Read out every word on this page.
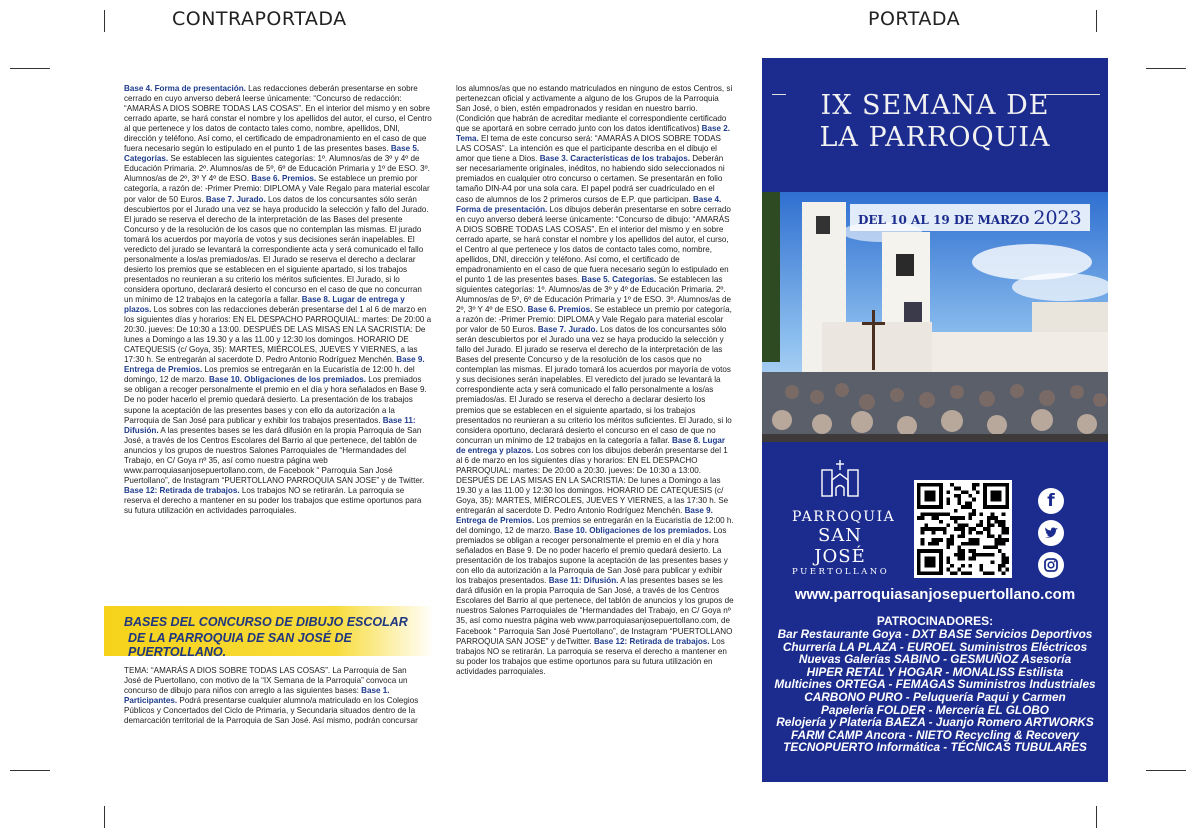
CONTRAPORTADA	PORTADA

Base 4. Forma de presentación. Las redacciones deberán presentarse en sobre cerrado en cuyo anverso deberá leerse únicamente: “Concurso de redacción: “AMARÁS A DIOS SOBRE TODAS LAS COSAS”. En el interior del mismo y en sobre cerrado aparte, se hará constar el nombre y los apellidos del autor, el curso, el Centro al que pertenece y los datos de contacto tales como, nombre, apellidos, DNI, dirección y teléfono. Así como, el certificado de empadronamiento en el caso de que fuera necesario según lo estipulado en el punto 1 de las presentes bases. Base 5. Categorías. Se establecen las siguientes categorías: 1º. Alumnos/as de 3º y 4º de Educación Primaria. 2º. Alumnos/as de 5º, 6º de Educación Primaria y 1º de ESO. 3º. Alumnos/as de 2º, 3º Y 4º de ESO. Base 6. Premios. Se establece un premio por categoría, a razón de: -Primer Premio: DIPLOMA y Vale Regalo para material escolar por valor de 50 Euros. Base 7. Jurado. Los datos de los concursantes sólo serán descubiertos por el Jurado una vez se haya producido la selección y fallo del Jurado. El jurado se reserva el derecho de la interpretación de las Bases del presente Concurso y de la resolución de los casos que no contemplan las mismas. El jurado tomará los acuerdos por mayoría de votos y sus decisiones serán inapelables. El veredicto del jurado se levantará la correspondiente acta y será comunicado el fallo personalmente a los/as premiados/as. El Jurado se reserva el derecho a declarar desierto los premios que se establecen en el siguiente apartado, si los trabajos presentados no reunieran a su criterio los méritos suficientes. El Jurado, si lo considera oportuno, declarará desierto el concurso en el caso de que no concurran un mínimo de 12 trabajos en la categoría a fallar. Base 8. Lugar de entrega y plazos. Los sobres con las redacciones deberán presentarse del 1 al 6 de marzo en los siguientes días y horarios: EN EL DESPACHO PARROQUIAL: martes: De 20:00 a 20:30. jueves: De 10:30 a 13:00. DESPUÉS DE LAS MISAS EN LA SACRISTIA: De lunes a Domingo a las 19.30 y a las 11.00 y 12:30 los domingos. HORARIO DE CATEQUESIS (c/ Goya, 35): MARTES, MIÉRCOLES, JUEVES Y VIERNES, a las 17:30 h. Se entregarán al sacerdote D. Pedro Antonio Rodríguez Menchén. Base 9. Entrega de Premios. Los premios se entregarán en la Eucaristía de 12:00 h. del domingo, 12 de marzo. Base 10. Obligaciones de los premiados. Los premiados se obligan a recoger personalmente el premio en el día y hora señalados en Base 9. De no poder hacerlo el premio quedará desierto. La presentación de los trabajos supone la aceptación de las presentes bases y con ello da autorización a la Parroquia de San José para publicar y exhibir los trabajos presentados. Base 11: Difusión. A las presentes bases se les dará difusión en la propia Parroquia de San José, a través de los Centros Escolares del Barrio al que pertenece, del tablón de anuncios y los grupos de nuestros Salones Parroquiales de “Hermandades del Trabajo, en C/ Goya nº 35, así como nuestra página web www.parroquiasanjosepuertollano.com, de Facebook “ Parroquia San José Puertollano”, de Instagram “PUERTOLLANO PARROQUIA SAN JOSE” y de Twitter. Base 12: Retirada de trabajos. Los trabajos NO se retirarán. La parroquia se reserva el derecho a mantener en su poder los trabajos que estime oportunos para su futura utilización en actividades parroquiales.

BASES DEL CONCURSO DE DIBUJO ESCOLAR
DE LA PARROQUIA DE SAN JOSÉ DE PUERTOLLANO.

TEMA: “AMARÁS A DIOS SOBRE TODAS LAS COSAS”. La Parroquia de San José de Puertollano, con motivo de la “IX Semana de la Parroquia” convoca un concurso de dibujo para niños con arreglo a las siguientes bases: Base 1. Participantes. Podrá presentarse cualquier alumno/a matriculado en los Colegios Públicos y Concertados del Ciclo de Primaria, y Secundaria situados dentro de la demarcación territorial de la Parroquia de San José. Así mismo, podrán concursar

los alumnos/as que no estando matriculados en ninguno de estos Centros, si pertenezcan oficial y activamente a alguno de los Grupos de la Parroquia San José, o bien, estén empadronados y residan en nuestro barrio. (Condición que habrán de acreditar mediante el correspondiente certificado que se aportará en sobre cerrado junto con los datos identificativos) Base 2. Tema. El tema de este concurso será: “AMARÁS A DIOS SOBRE TODAS LAS COSAS”. La intención es que el participante describa en el dibujo el amor que tiene a Dios. Base 3. Características de los trabajos. Deberán ser necesariamente originales, inéditos, no habiendo sido seleccionados ni premiados en cualquier otro concurso o certamen. Se presentarán en folio tamaño DIN-A4 por una sola cara. El papel podrá ser cuadriculado en el caso de alumnos de los 2 primeros cursos de E.P. que participan. Base 4. Forma de presentación. Los dibujos deberán presentarse en sobre cerrado en cuyo anverso deberá leerse únicamente: “Concurso de dibujo: “AMARÁS A DIOS SOBRE TODAS LAS COSAS”. En el interior del mismo y en sobre cerrado aparte, se hará constar el nombre y los apellidos del autor, el curso, el Centro al que pertenece y los datos de contacto tales como, nombre, apellidos, DNI, dirección y teléfono. Así como, el certificado de empadronamiento en el caso de que fuera necesario según lo estipulado en el punto 1 de las presentes bases. Base 5. Categorías. Se establecen las siguientes categorías: 1º. Alumnos/as de 3º y 4º de Educación Primaria. 2º. Alumnos/as de 5º, 6º de Educación Primaria y 1º de ESO. 3º. Alumnos/as de 2º, 3º Y 4º de ESO. Base 6. Premios. Se establece un premio por categoría, a razón de: -Primer Premio: DIPLOMA y Vale Regalo para material escolar por valor de 50 Euros. Base 7. Jurado. Los datos de los concursantes sólo serán descubiertos por el Jurado una vez se haya producido la selección y fallo del Jurado. El jurado se reserva el derecho de la interpretación de las Bases del presente Concurso y de la resolución de los casos que no contemplan las mismas. El jurado tomará los acuerdos por mayoría de votos y sus decisiones serán inapelables. El veredicto del jurado se levantará la correspondiente acta y será comunicado el fallo personalmente a los/as premiados/as. El Jurado se reserva el derecho a declarar desierto los premios que se establecen en el siguiente apartado, si los trabajos presentados no reunieran a su criterio los méritos suficientes. El Jurado, si lo considera oportuno, declarará desierto el concurso en el caso de que no concurran un mínimo de 12 trabajos en la categoría a fallar. Base 8. Lugar de entrega y plazos. Los sobres con los dibujos deberán presentarse del 1 al 6 de marzo en los siguientes días y horarios: EN EL DESPACHO PARROQUIAL: martes: De 20:00 a 20:30. jueves: De 10:30 a 13:00. DESPUÉS DE LAS MISAS EN LA SACRISTIA: De lunes a Domingo a las 19.30 y a las 11.00 y 12:30 los domingos. HORARIO DE CATEQUESIS (c/ Goya, 35): MARTES, MIÉRCOLES, JUEVES Y VIERNES, a las 17:30 h. Se entregarán al sacerdote D. Pedro Antonio Rodríguez Menchén. Base 9. Entrega de Premios. Los premios se entregarán en la Eucaristía de 12:00 h. del domingo, 12 de marzo. Base 10. Obligaciones de los premiados. Los premiados se obligan a recoger personalmente el premio en el día y hora señalados en Base 9. De no poder hacerlo el premio quedará desierto. La presentación de los trabajos supone la aceptación de las presentes bases y con ello da autorización a la Parroquia de San José para publicar y exhibir los trabajos presentados. Base 11: Difusión. A las presentes bases se les dará difusión en la propia Parroquia de San José, a través de los Centros Escolares del Barrio al que pertenece, del tablón de anuncios y los grupos de nuestros Salones Parroquiales de “Hermandades del Trabajo, en C/ Goya nº 35, así como nuestra página web www.parroquiasanjosepuertollano.com, de Facebook “ Parroquia San José Puertollano”, de Instagram “PUERTOLLANO PARROQUIA SAN JOSE” y deTwitter. Base 12: Retirada de trabajos. Los trabajos NO se retirarán. La parroquia se reserva el derecho a mantener en su poder los trabajos que estime oportunos para su futura utilización en actividades parroquiales.

IX SEMANA DE
LA PARROQUIA
DEL 10 AL 19 DE MARZO 2023
PARROQUIA
SAN JOSÉ
PUERTOLLANO
f
www.parroquiasanjosepuertollano.com
PATROCINADORES:
Bar Restaurante Goya - DXT BASE Servicios Deportivos
Churrería LA PLAZA - EUROEL Suministros Eléctricos
Nuevas Galerías SABINO - GESMUÑOZ Asesoría
HIPER RETAL Y HOGAR - MONALISS Estilista
Multicines ORTEGA - FEMAGAS Suministros Industriales
CARBONO PURO - Peluquería Paqui y Carmen
Papelería FOLDER - Mercería EL GLOBO
Relojería y Platería BAEZA - Juanjo Romero ARTWORKS
FARM CAMP Ancora - NIETO Recycling & Recovery
TECNOPUERTO Informática - TÉCNICAS TUBULARES
